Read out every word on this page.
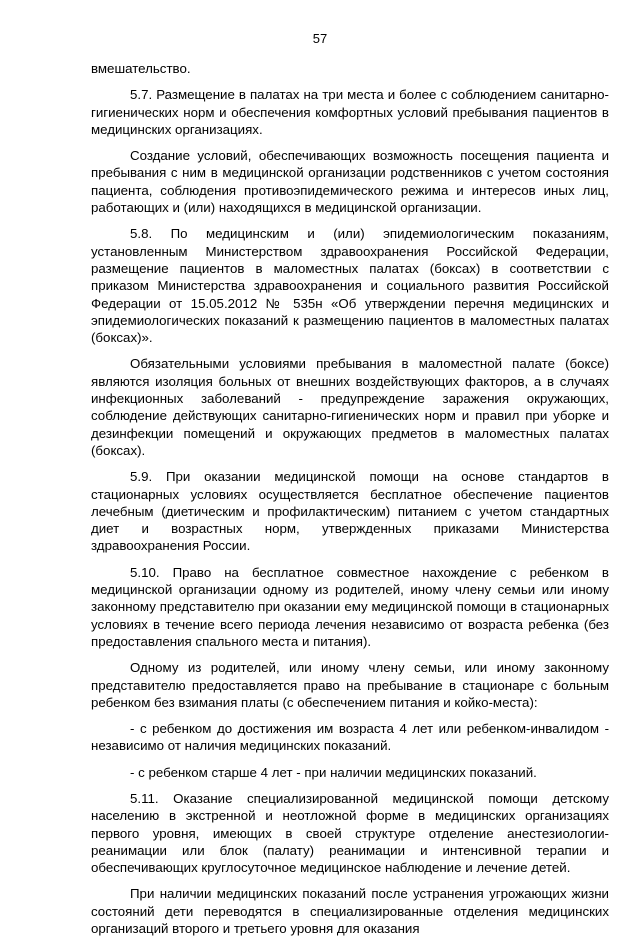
57

вмешательство.

5.7. Размещение в палатах на три места и более с соблюдением санитарно-гигиенических норм и обеспечения комфортных условий пребывания пациентов в медицинских организациях.

Создание условий, обеспечивающих возможность посещения пациента и пребывания с ним в медицинской организации родственников с учетом состояния пациента, соблюдения противоэпидемического режима и интересов иных лиц, работающих и (или) находящихся в медицинской организации.

5.8. По медицинским и (или) эпидемиологическим показаниям, установленным Министерством здравоохранения Российской Федерации, размещение пациентов в маломестных палатах (боксах) в соответствии с приказом Министерства здравоохранения и социального развития Российской Федерации от 15.05.2012 № 535н «Об утверждении перечня медицинских и эпидемиологических показаний к размещению пациентов в маломестных палатах (боксах)».

Обязательными условиями пребывания в маломестной палате (боксе) являются изоляция больных от внешних воздействующих факторов, а в случаях инфекционных заболеваний - предупреждение заражения окружающих, соблюдение действующих санитарно-гигиенических норм и правил при уборке и дезинфекции помещений и окружающих предметов в маломестных палатах (боксах).

5.9. При оказании медицинской помощи на основе стандартов в стационарных условиях осуществляется бесплатное обеспечение пациентов лечебным (диетическим и профилактическим) питанием с учетом стандартных диет и возрастных норм, утвержденных приказами Министерства здравоохранения России.

5.10. Право на бесплатное совместное нахождение с ребенком в медицинской организации одному из родителей, иному члену семьи или иному законному представителю при оказании ему медицинской помощи в стационарных условиях в течение всего периода лечения независимо от возраста ребенка (без предоставления спального места и питания).

Одному из родителей, или иному члену семьи, или иному законному представителю предоставляется право на пребывание в стационаре с больным ребенком без взимания платы (с обеспечением питания и койко-места):

- с ребенком до достижения им возраста 4 лет или ребенком-инвалидом - независимо от наличия медицинских показаний.

- с ребенком старше 4 лет - при наличии медицинских показаний.

5.11. Оказание специализированной медицинской помощи детскому населению в экстренной и неотложной форме в медицинских организациях первого уровня, имеющих в своей структуре отделение анестезиологии-реанимации или блок (палату) реанимации и интенсивной терапии и обеспечивающих круглосуточное медицинское наблюдение и лечение детей.

При наличии медицинских показаний после устранения угрожающих жизни состояний дети переводятся в специализированные отделения медицинских организаций второго и третьего уровня для оказания
